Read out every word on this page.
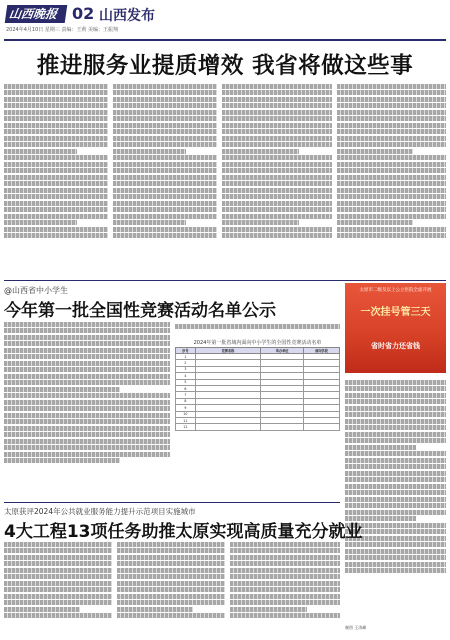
山西晚报 02 山西发布
2024年4月10日 星期三 责编：王莉 美编：王振翔
推进服务业提质增效 我省将做这些事
@山西省中小学生
今年第一批全国性竞赛活动名单公示
2024年第一批省域内面向中小学生的全国性竞赛活动名单
序号	竞赛名称	举办单位	面向学段
1			
2			
3			
4			
5			
6			
7			
8			
9			
10			
11			
12			
太原市二级及以上公立医院全面开展
一次挂号管三天
省时省力还省钱
太原获评2024年公共就业服务能力提升示范项目实施城市
4大工程13项任务助推太原实现高质量充分就业
制图 王涛峰
